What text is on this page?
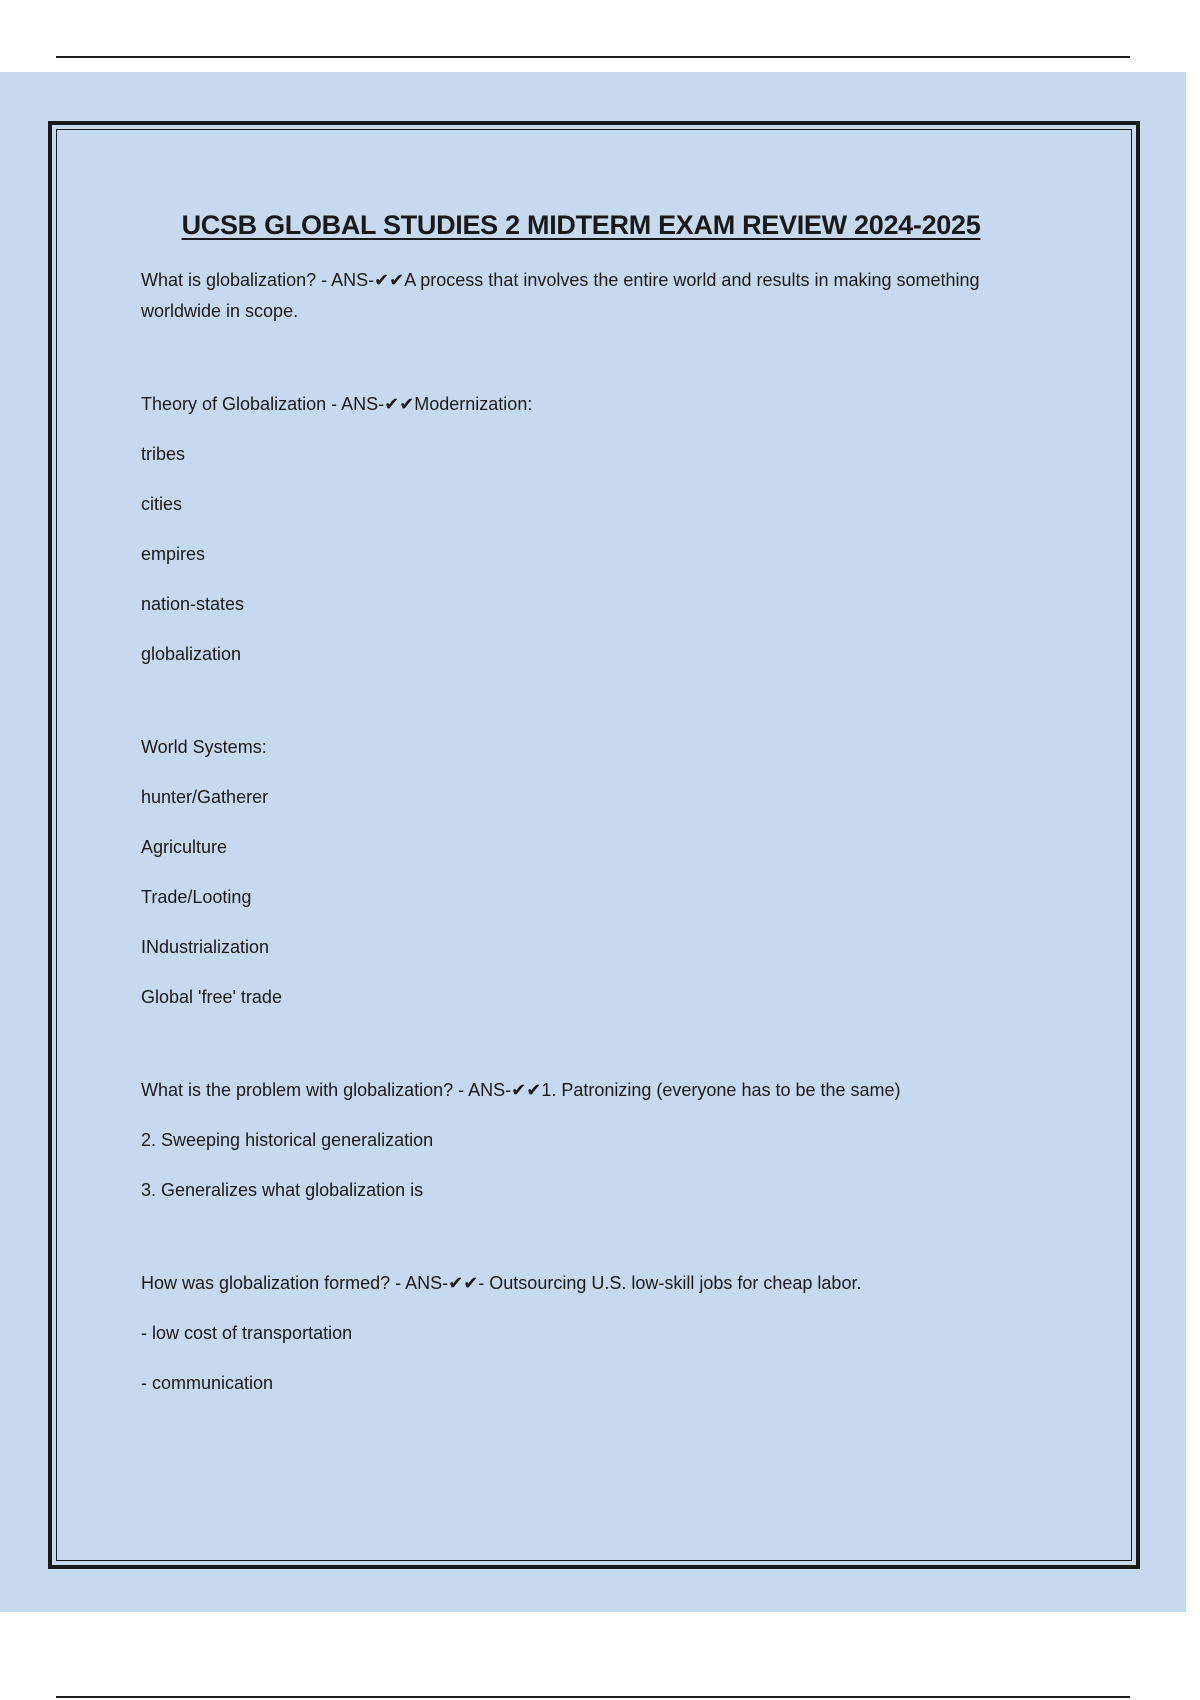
UCSB GLOBAL STUDIES 2 MIDTERM EXAM REVIEW 2024-2025

What is globalization? - ANS-✔✔A process that involves the entire world and results in making something worldwide in scope.

Theory of Globalization - ANS-✔✔Modernization:

tribes

cities

empires

nation-states

globalization

World Systems:

hunter/Gatherer

Agriculture

Trade/Looting

INdustrialization

Global 'free' trade

What is the problem with globalization? - ANS-✔✔1. Patronizing (everyone has to be the same)

2. Sweeping historical generalization

3. Generalizes what globalization is

How was globalization formed? - ANS-✔✔- Outsourcing U.S. low-skill jobs for cheap labor.

- low cost of transportation

- communication
